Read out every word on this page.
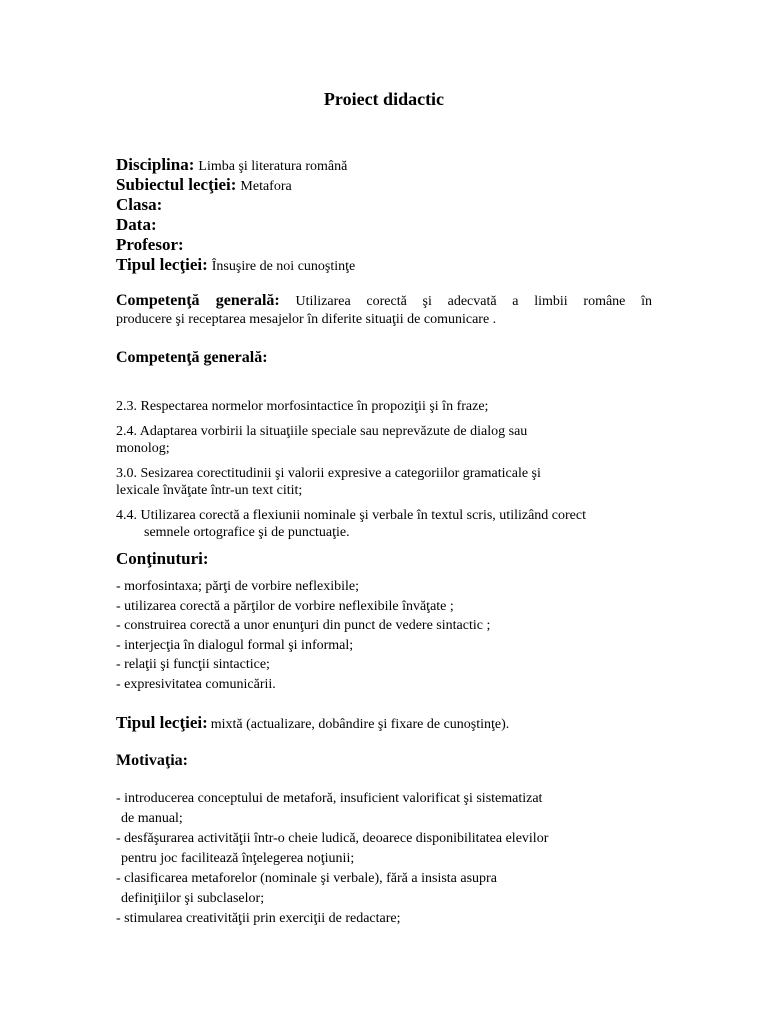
Proiect didactic
Disciplina: Limba şi literatura română
Subiectul lecţiei: Metafora
Clasa:
Data:
Profesor:
Tipul lecţiei: Însuşire de noi cunoştinţe
Competenţă generală: Utilizarea corectă şi adecvată a limbii române în
producere şi receptarea mesajelor în diferite situaţii de comunicare .
Competenţă generală:
2.3. Respectarea normelor morfosintactice în propoziţii şi în fraze;
2.4. Adaptarea vorbirii la situaţiile speciale sau neprevăzute de dialog sau
monolog;
3.0. Sesizarea corectitudinii şi valorii expresive a categoriilor gramaticale şi
lexicale învăţate într-un text citit;
4.4. Utilizarea corectă a flexiunii nominale şi verbale în textul scris, utilizând corect
semnele ortografice şi de punctuaţie.
Conţinuturi:
- morfosintaxa; părţi de vorbire neflexibile;
- utilizarea corectă a părţilor de vorbire neflexibile învăţate ;
- construirea corectă a unor enunţuri din punct de vedere sintactic ;
- interjecţia în dialogul formal şi informal;
- relaţii şi funcţii sintactice;
- expresivitatea comunicării.
Tipul lecţiei: mixtă (actualizare, dobândire şi fixare de cunoştinţe).
Motivaţia:
- introducerea conceptului de metaforă, insuficient valorificat şi sistematizat
de manual;
- desfăşurarea activităţii într-o cheie ludică, deoarece disponibilitatea elevilor
pentru joc facilitează înţelegerea noţiunii;
- clasificarea metaforelor (nominale şi verbale), fără a insista asupra
definiţiilor şi subclaselor;
- stimularea creativităţii prin exerciţii de redactare;
